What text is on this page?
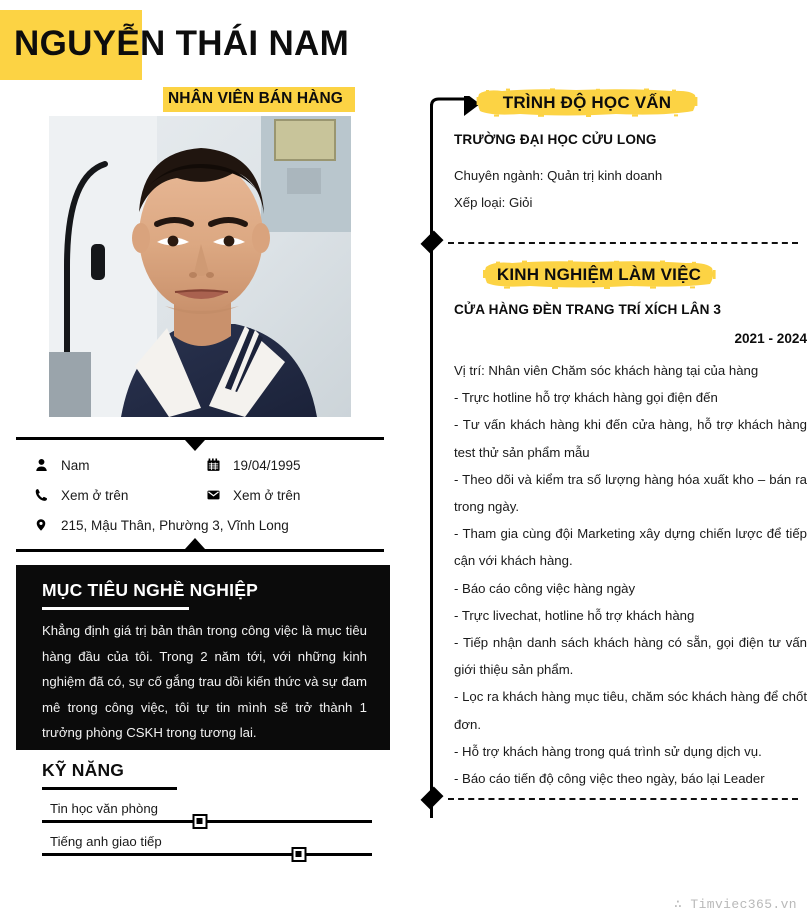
NGUYỄN THÁI NAM
NHÂN VIÊN BÁN HÀNG
Nam	19/04/1995
Xem ở trên	Xem ở trên
215, Mậu Thân, Phường 3, Vĩnh Long
MỤC TIÊU NGHỀ NGHIỆP
Khẳng định giá trị bản thân trong công việc là mục tiêu hàng đầu của tôi. Trong 2 năm tới, với những kinh nghiệm đã có, sự cố gắng trau dồi kiến thức và sự đam mê trong công việc, tôi tự tin mình sẽ trở thành 1 trưởng phòng CSKH trong tương lai.
KỸ NĂNG
Tin học văn phòng
Tiếng anh giao tiếp
TRÌNH ĐỘ HỌC VẤN
TRƯỜNG ĐẠI HỌC CỬU LONG
Chuyên ngành: Quản trị kinh doanh
Xếp loại: Giỏi
KINH NGHIỆM LÀM VIỆC
CỬA HÀNG ĐÈN TRANG TRÍ XÍCH LÂN 3
2021 - 2024
Vị trí: Nhân viên Chăm sóc khách hàng tại của hàng
- Trực hotline hỗ trợ khách hàng gọi điện đến
- Tư vấn khách hàng khi đến cửa hàng, hỗ trợ khách hàng test thử sản phẩm mẫu
- Theo dõi và kiểm tra số lượng hàng hóa xuất kho – bán ra trong ngày.
- Tham gia cùng đội Marketing xây dựng chiến lược để tiếp cận với khách hàng.
- Báo cáo công việc hàng ngày
- Trực livechat, hotline hỗ trợ khách hàng
- Tiếp nhận danh sách khách hàng có sẵn, gọi điện tư vấn giới thiệu sản phẩm.
- Lọc ra khách hàng mục tiêu, chăm sóc khách hàng để chốt đơn.
- Hỗ trợ khách hàng trong quá trình sử dụng dịch vụ.
- Báo cáo tiến độ công việc theo ngày, báo lại Leader
∴ Timviec365.vn
